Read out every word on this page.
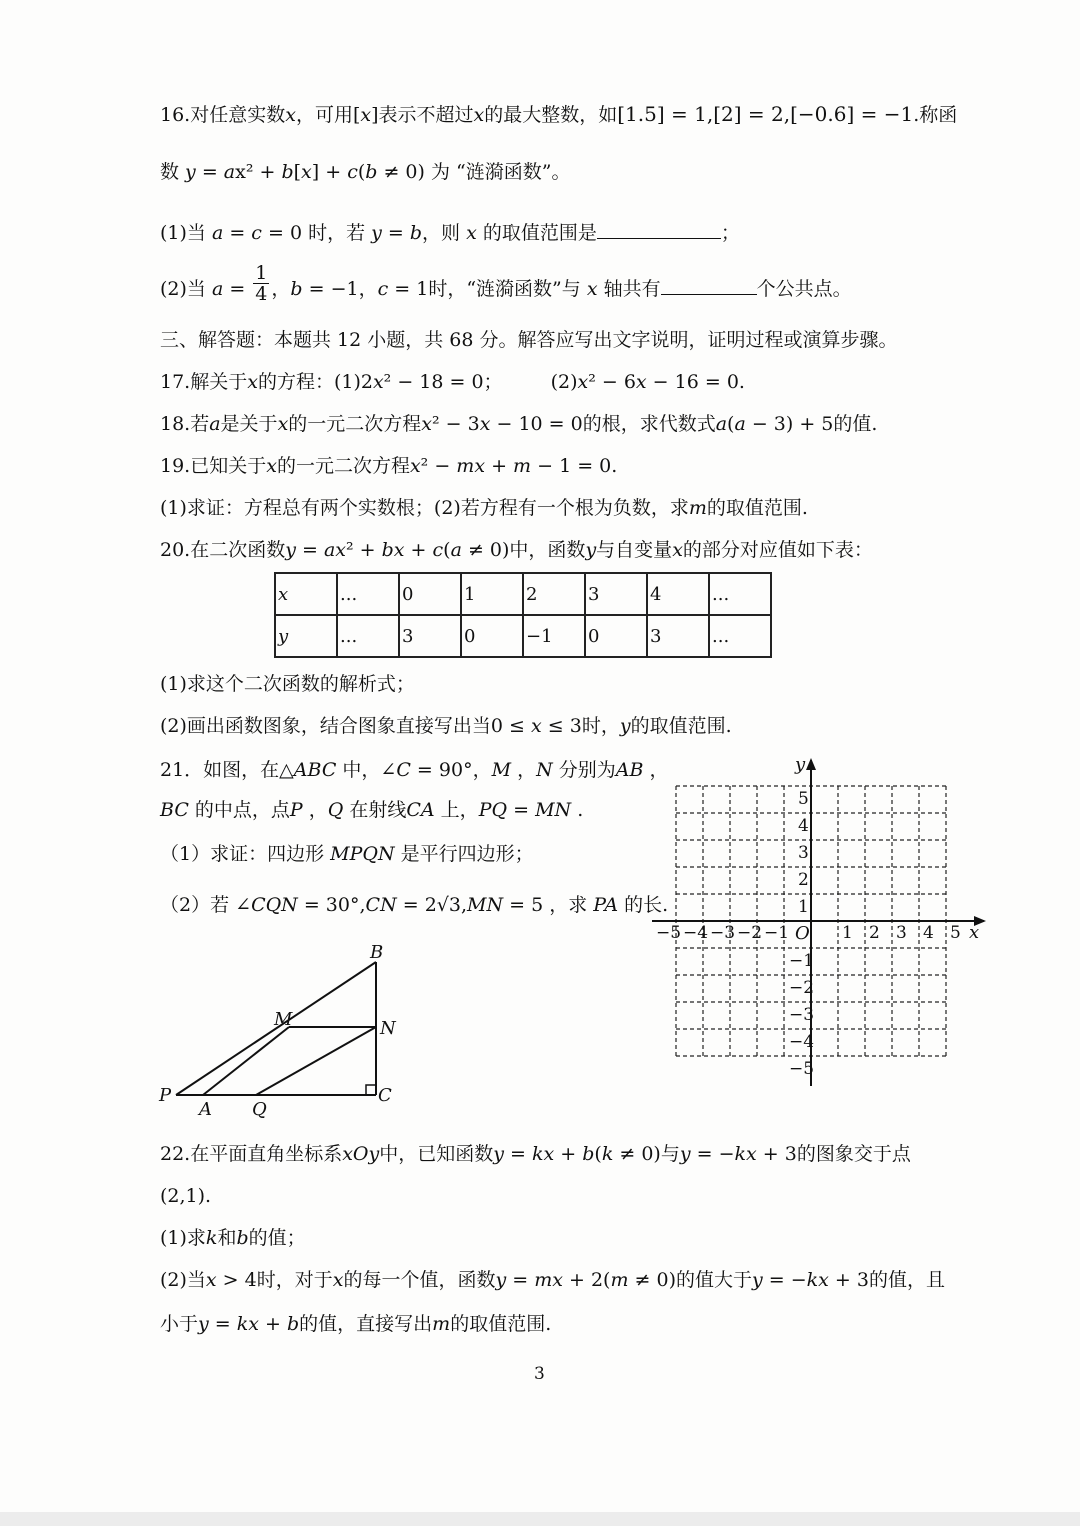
16.对任意实数x，可用[x]表示不超过x的最大整数，如[1.5] = 1,[2] = 2,[−0.6] = −1.称函
数 y = ax² + b[x] + c(b ≠ 0) 为 “涟漪函数”。
(1)当 a = c = 0 时，若 y = b，则 x 的取值范围是	；
(2)当 $a = \frac{1}{4}$ ，b = −1，c = 1时，“涟漪函数”与 x 轴共有	个公共点。
三、解答题：本题共 12 小题，共 68 分。解答应写出文字说明，证明过程或演算步骤。
17.解关于x的方程：(1)2x² − 18 = 0；	(2)x² − 6x − 16 = 0.
18.若a是关于x的一元二次方程x² − 3x − 10 = 0的根，求代数式a(a − 3) + 5的值.
19.已知关于x的一元二次方程x² − mx + m − 1 = 0.
(1)求证：方程总有两个实数根；(2)若方程有一个根为负数，求m的取值范围.
20.在二次函数y = ax² + bx + c(a ≠ 0)中，函数y与自变量x的部分对应值如下表：
x	...	0	1	2	3	4	...
y	...	3	0	−1	0	3	...
(1)求这个二次函数的解析式；
(2)画出函数图象，结合图象直接写出当0 ≤ x ≤ 3时，y的取值范围.
21．如图，在△ABC 中，∠C = 90°，M ，N 分别为AB ，
BC 的中点，点P ，Q 在射线CA 上，PQ = MN .
（1）求证：四边形 MPQN 是平行四边形；
（2）若 ∠CQN = 30°,CN = 2√3,MN = 5 ，求 PA 的长.
B
M	N
P
A Q
C
−5 −4 −3 −2 −1	1 2 3 4 5
5
4
3
2
1
−1
−2
−3
−4
−5
y
x
O
22.在平面直角坐标系xOy中，已知函数y = kx + b(k ≠ 0)与y = −kx + 3的图象交于点
(2,1).
(1)求k和b的值；
(2)当x > 4时，对于x的每一个值，函数y = mx + 2(m ≠ 0)的值大于y = −kx + 3的值，且
小于y = kx + b的值，直接写出m的取值范围.
3
